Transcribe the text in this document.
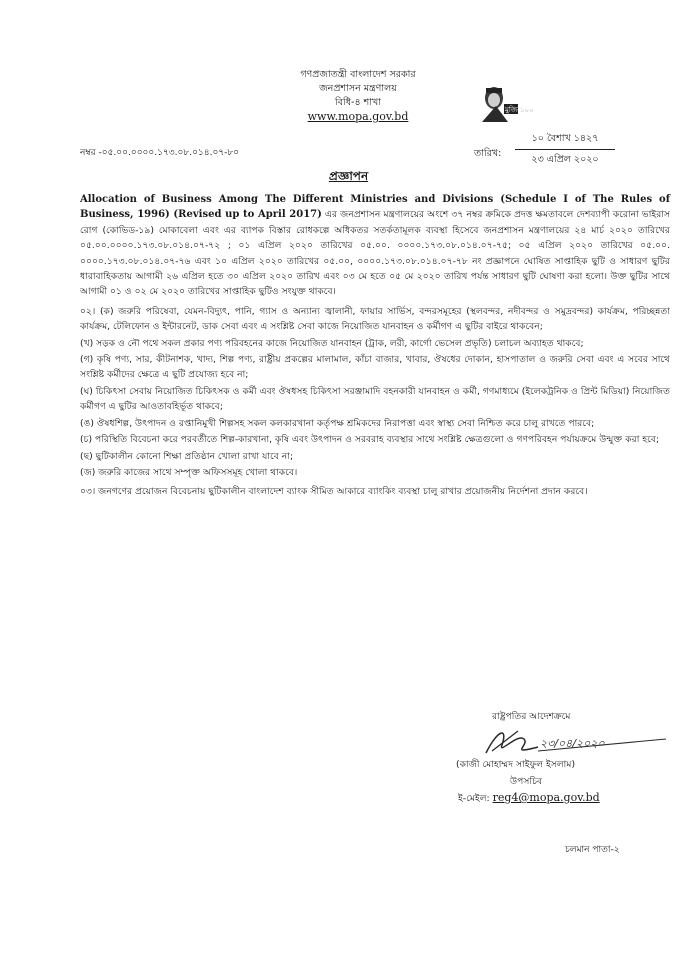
গণপ্রজাতন্ত্রী বাংলাদেশ সরকার
জনপ্রশাসন মন্ত্রণালয়
বিধি-৪ শাখা
www.mopa.gov.bd	মুজিব
১০০
নম্বর -০৫.০০.০০০০.১৭৩.০৮.০১৪.০৭-৮০	তারিখ:
১০ বৈশাখ ১৪২৭
২৩ এপ্রিল ২০২০
প্রজ্ঞাপন

Allocation of Business Among The Different Ministries and Divisions (Schedule I of The Rules of Business, 1996) (Revised up to April 2017) এর জনপ্রশাসন মন্ত্রণালয়ের অংশে ৩৭ নম্বর ক্রমিকে প্রদত্ত ক্ষমতাবলে দেশব্যাপী করোনা ভাইরাস রোগ (কোভিড-১৯) মোকাবেলা এবং এর ব্যাপক বিস্তার রোধকল্পে অধিকতর সতর্কতামূলক ব্যবস্থা হিসেবে জনপ্রশাসন মন্ত্রণালয়ের ২৪ মার্চ ২০২০ তারিখের ০৫.০০.০০০০.১৭৩.০৮.০১৪.০৭-৭২ ; ০১ এপ্রিল ২০২০ তারিখের ০৫.০০. ০০০০.১৭৩.০৮.০১৪.০৭-৭৫; ০৫ এপ্রিল ২০২০ তারিখের ০৫.০০. ০০০০.১৭৩.০৮.০১৪.০৭-৭৬ এবং ১০ এপ্রিল ২০২০ তারিখের ০৫.০০, ০০০০.১৭৩.০৮.০১৪.০৭-৭৮ নং প্রজ্ঞাপনে ঘোষিত সাপ্তাহিক ছুটি ও সাধারণ ছুটির ধারাবাহিকতায় আগামী ২৬ এপ্রিল হতে ৩০ এপ্রিল ২০২০ তারিখ এবং ০৩ মে হতে ০৫ মে ২০২০ তারিখ পর্যন্ত সাধারণ ছুটি ঘোষণা করা হলো। উক্ত ছুটির সাথে আগামী ০১ ও ০২ মে ২০২০ তারিখের সাপ্তাহিক ছুটিও সংযুক্ত থাকবে।

০২। (ক) জরুরি পরিষেবা, যেমন-বিদ্যুৎ, পানি, গ্যাস ও অন্যান্য জ্বালানী, ফায়ার সার্ভিস, বন্দরসমূহের (স্থলবন্দর, নদীবন্দর ও সমুদ্রবন্দর) কার্যক্রম, পরিচ্ছন্নতা কার্যক্রম, টেলিফোন ও ইন্টারনেট, ডাক সেবা এবং এ সংশ্লিষ্ট সেবা কাজে নিয়োজিত যানবাহন ও কর্মীগণ এ ছুটির বাইরে থাকবেন;
(খ) সড়ক ও নৌ পথে সকল প্রকার পণ্য পরিবহনের কাজে নিয়োজিত যানবাহন (ট্রাক, লরী, কার্গো ভেসেল প্রভৃতি) চলাচল অব্যাহত থাকবে;
(গ) কৃষি পণ্য, সার, কীটনাশক, খাদ্য, শিল্প পণ্য, রাষ্ট্রীয় প্রকল্পের মালামাল, কাঁচা বাজার, খাবার, ঔষধের দোকান, হাসপাতাল ও জরুরি সেবা এবং এ সবের সাথে সংশ্লিষ্ট কর্মীদের ক্ষেত্রে এ ছুটি প্রযোজ্য হবে না;
(ঘ) চিকিৎসা সেবায় নিয়োজিত চিকিৎসক ও কর্মী এবং ঔষধসহ চিকিৎসা সরঞ্জামাদি বহনকারী যানবাহন ও কর্মী, গণমাধ্যমে (ইলেকট্রনিক ও প্রিন্ট মিডিয়া) নিয়োজিত কর্মীগণ এ ছুটির আওতাবহির্ভূত থাকবে;
(ঙ) ঔষধশিল্প, উৎপাদন ও রপ্তানিমুখী শিল্পসহ সকল কলকারখানা কর্তৃপক্ষ শ্রমিকদের নিরাপত্তা এবং স্বাস্থ্য সেবা নিশ্চিত করে চালু রাখতে পারবে;
(চ) পরিস্থিতি বিবেচনা করে পরবর্তীতে শিল্প-কারখানা, কৃষি এবং উৎপাদন ও সরবরাহ ব্যবস্থার সাথে সংশ্লিষ্ট ক্ষেত্রগুলো ও গণপরিবহন পর্যায়ক্রমে উন্মুক্ত করা হবে;
(ছ) ছুটিকালীন কোনো শিক্ষা প্রতিষ্ঠান খোলা রাখা যাবে না;
(জ) জরুরি কাজের সাথে সম্পৃক্ত অফিসসমূহ খোলা থাকবে।

০৩। জনগণের প্রয়োজন বিবেচনায় ছুটিকালীন বাংলাদেশ ব্যাংক সীমিত আকারে ব্যাংকিং ব্যবস্থা চালু রাখার প্রয়োজনীয় নির্দেশনা প্রদান করবে।

রাষ্ট্রপতির আদেশক্রমে
২৩/০৪/২০২০
(কাজী মোহাম্মদ সাইফুল ইসলাম)
উপসচিব
ই-মেইল: reg4@mopa.gov.bd
চলমান পাতা-২
